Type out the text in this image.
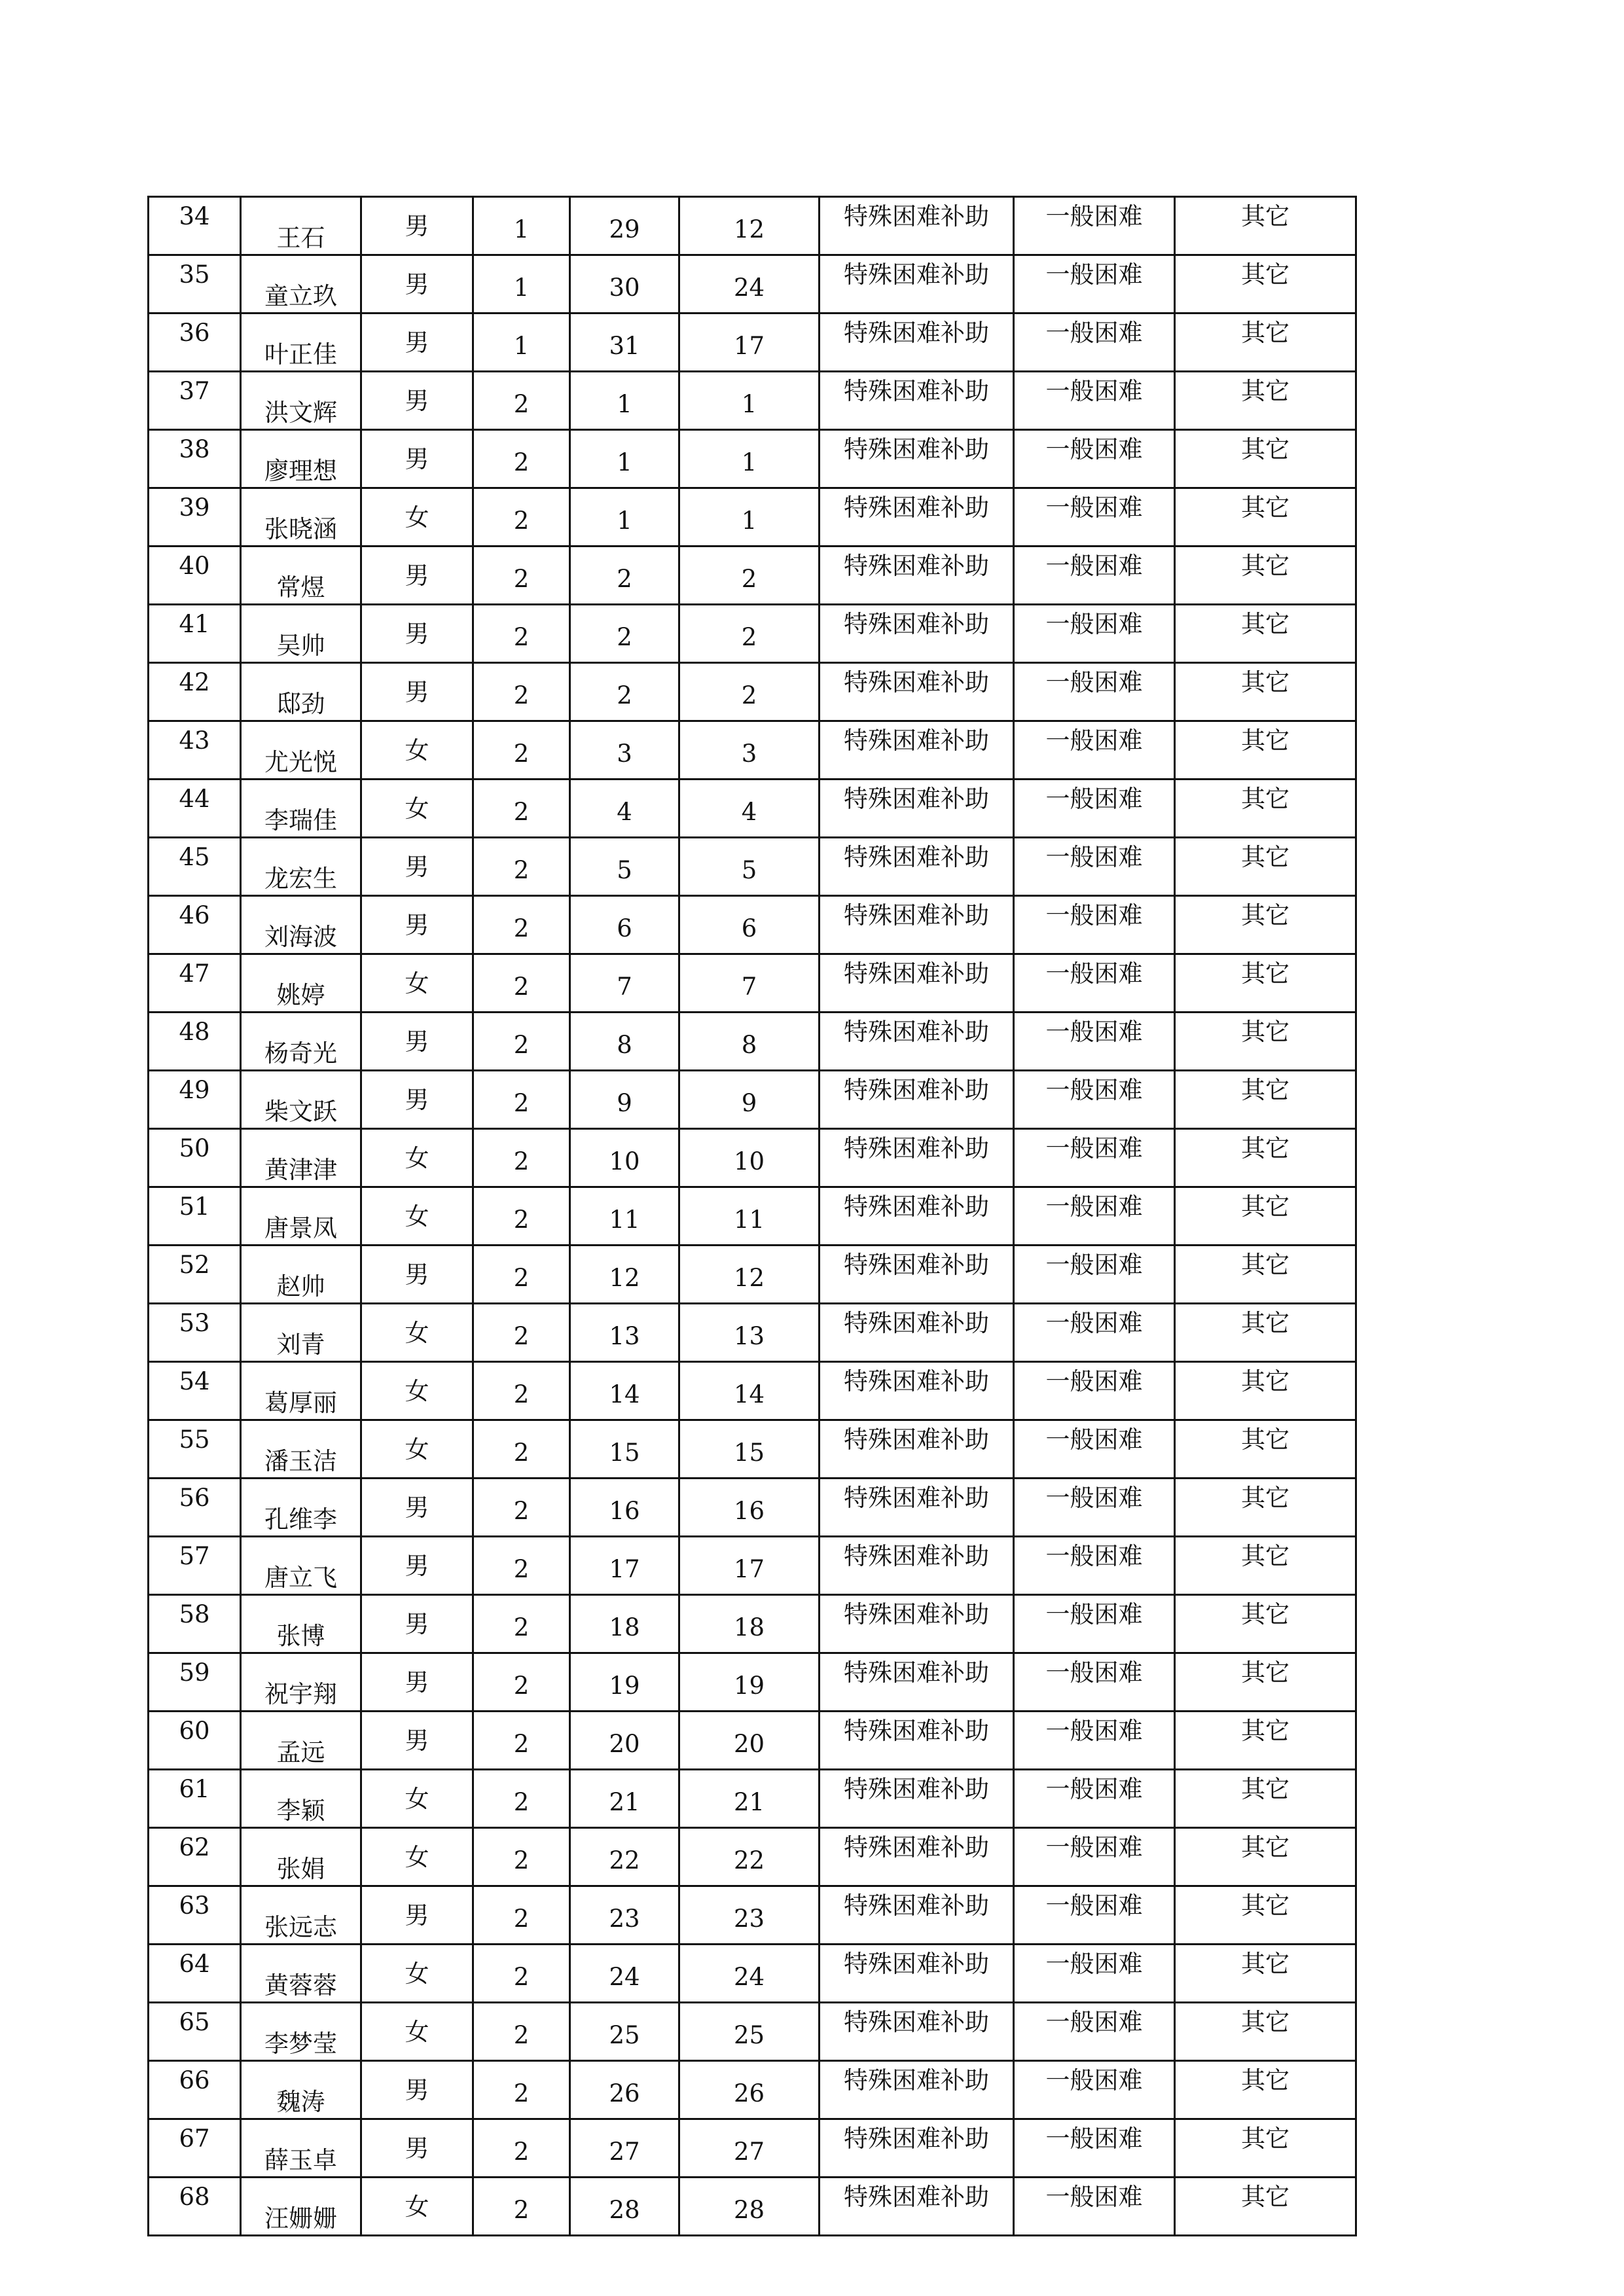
34	王石	男	1	29	12	特殊困难补助	一般困难	其它
35	童立玖	男	1	30	24	特殊困难补助	一般困难	其它
36	叶正佳	男	1	31	17	特殊困难补助	一般困难	其它
37	洪文辉	男	2	1	1	特殊困难补助	一般困难	其它
38	廖理想	男	2	1	1	特殊困难补助	一般困难	其它
39	张晓涵	女	2	1	1	特殊困难补助	一般困难	其它
40	常煜	男	2	2	2	特殊困难补助	一般困难	其它
41	吴帅	男	2	2	2	特殊困难补助	一般困难	其它
42	邸劲	男	2	2	2	特殊困难补助	一般困难	其它
43	尤光悦	女	2	3	3	特殊困难补助	一般困难	其它
44	李瑞佳	女	2	4	4	特殊困难补助	一般困难	其它
45	龙宏生	男	2	5	5	特殊困难补助	一般困难	其它
46	刘海波	男	2	6	6	特殊困难补助	一般困难	其它
47	姚婷	女	2	7	7	特殊困难补助	一般困难	其它
48	杨奇光	男	2	8	8	特殊困难补助	一般困难	其它
49	柴文跃	男	2	9	9	特殊困难补助	一般困难	其它
50	黄津津	女	2	10	10	特殊困难补助	一般困难	其它
51	唐景凤	女	2	11	11	特殊困难补助	一般困难	其它
52	赵帅	男	2	12	12	特殊困难补助	一般困难	其它
53	刘青	女	2	13	13	特殊困难补助	一般困难	其它
54	葛厚丽	女	2	14	14	特殊困难补助	一般困难	其它
55	潘玉洁	女	2	15	15	特殊困难补助	一般困难	其它
56	孔维李	男	2	16	16	特殊困难补助	一般困难	其它
57	唐立飞	男	2	17	17	特殊困难补助	一般困难	其它
58	张博	男	2	18	18	特殊困难补助	一般困难	其它
59	祝宇翔	男	2	19	19	特殊困难补助	一般困难	其它
60	孟远	男	2	20	20	特殊困难补助	一般困难	其它
61	李颖	女	2	21	21	特殊困难补助	一般困难	其它
62	张娟	女	2	22	22	特殊困难补助	一般困难	其它
63	张远志	男	2	23	23	特殊困难补助	一般困难	其它
64	黄蓉蓉	女	2	24	24	特殊困难补助	一般困难	其它
65	李梦莹	女	2	25	25	特殊困难补助	一般困难	其它
66	魏涛	男	2	26	26	特殊困难补助	一般困难	其它
67	薛玉卓	男	2	27	27	特殊困难补助	一般困难	其它
68	汪姗姗	女	2	28	28	特殊困难补助	一般困难	其它
